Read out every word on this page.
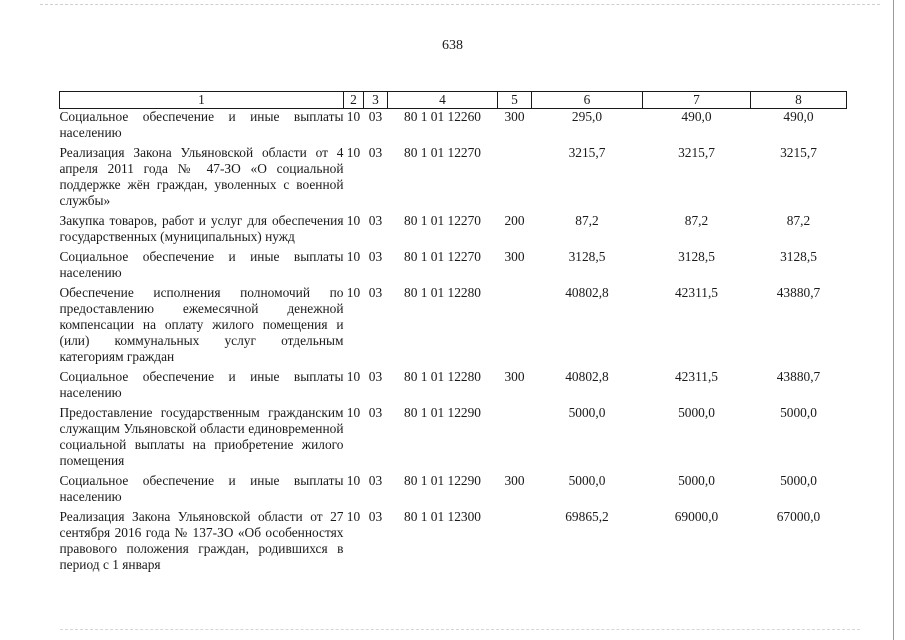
638
1	2	3	4	5	6	7	8
Социальное обеспечение и иные выплаты населению	10	03	80 1 01 12260	300	295,0	490,0	490,0
Реализация Закона Ульяновской области от 4 апреля 2011 года № 47-ЗО «О социальной поддержке жён граждан, уволенных с военной службы»	10	03	80 1 01 12270		3215,7	3215,7	3215,7
Закупка товаров, работ и услуг для обеспечения государственных (муниципальных) нужд	10	03	80 1 01 12270	200	87,2	87,2	87,2
Социальное обеспечение и иные выплаты населению	10	03	80 1 01 12270	300	3128,5	3128,5	3128,5
Обеспечение исполнения полномочий по предоставлению ежемесячной денежной компенсации на оплату жилого помещения и (или) коммунальных услуг отдельным категориям граждан	10	03	80 1 01 12280		40802,8	42311,5	43880,7
Социальное обеспечение и иные выплаты населению	10	03	80 1 01 12280	300	40802,8	42311,5	43880,7
Предоставление государственным гражданским служащим Ульяновской области единовременной социальной выплаты на приобретение жилого помещения	10	03	80 1 01 12290		5000,0	5000,0	5000,0
Социальное обеспечение и иные выплаты населению	10	03	80 1 01 12290	300	5000,0	5000,0	5000,0
Реализация Закона Ульяновской области от 27 сентября 2016 года № 137-ЗО «Об особенностях правового положения граждан, родившихся в период с 1 января	10	03	80 1 01 12300		69865,2	69000,0	67000,0
